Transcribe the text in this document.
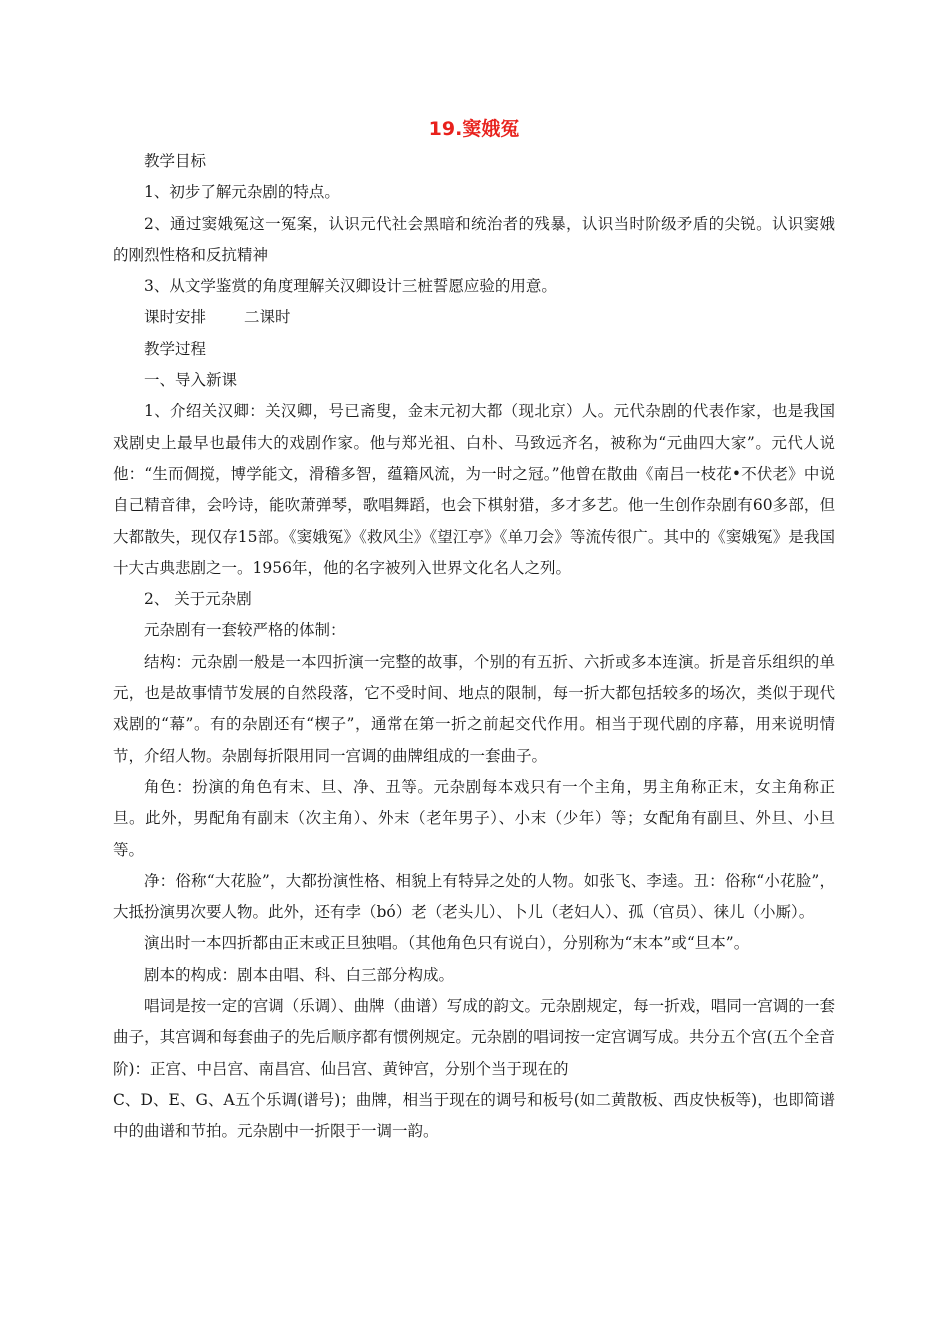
19.窦娥冤

教学目标

1、初步了解元杂剧的特点。

2、通过窦娥冤这一冤案，认识元代社会黑暗和统治者的残暴，认识当时阶级矛盾的尖锐。认识窦娥的刚烈性格和反抗精神

3、从文学鉴赏的角度理解关汉卿设计三桩誓愿应验的用意。

课时安排 二课时

教学过程

一、导入新课

1、介绍关汉卿：关汉卿，号已斋叟，金末元初大都（现北京）人。元代杂剧的代表作家，也是我国戏剧史上最早也最伟大的戏剧作家。他与郑光祖、白朴、马致远齐名，被称为“元曲四大家”。元代人说他：“生而倜搅，博学能文，滑稽多智，蕴籍风流，为一时之冠。”他曾在散曲《南吕一枝花•不伏老》中说自己精音律，会吟诗，能吹萧弹琴，歌唱舞蹈，也会下棋射猎，多才多艺。他一生创作杂剧有60多部，但大都散失，现仅存15部。《窦娥冤》《救风尘》《望江亭》《单刀会》等流传很广。其中的《窦娥冤》是我国十大古典悲剧之一。1956年，他的名字被列入世界文化名人之列。

2、 关于元杂剧

元杂剧有一套较严格的体制：

结构：元杂剧一般是一本四折演一完整的故事，个别的有五折、六折或多本连演。折是音乐组织的单元，也是故事情节发展的自然段落，它不受时间、地点的限制，每一折大都包括较多的场次，类似于现代戏剧的“幕”。有的杂剧还有“楔子”，通常在第一折之前起交代作用。相当于现代剧的序幕，用来说明情节，介绍人物。杂剧每折限用同一宫调的曲牌组成的一套曲子。

角色：扮演的角色有末、旦、净、丑等。元杂剧每本戏只有一个主角，男主角称正末，女主角称正旦。此外，男配角有副末（次主角）、外末（老年男子）、小末（少年）等；女配角有副旦、外旦、小旦等。

净：俗称“大花脸”，大都扮演性格、相貌上有特异之处的人物。如张飞、李逵。丑：俗称“小花脸”，大抵扮演男次要人物。此外，还有孛（bó）老（老头儿）、卜儿（老妇人）、孤（官员）、徕儿（小厮）。

演出时一本四折都由正末或正旦独唱。（其他角色只有说白），分别称为“末本”或“旦本”。

剧本的构成：剧本由唱、科、白三部分构成。

唱词是按一定的宫调（乐调）、曲牌（曲谱）写成的韵文。元杂剧规定，每一折戏，唱同一宫调的一套曲子，其宫调和每套曲子的先后顺序都有惯例规定。元杂剧的唱词按一定宫调写成。共分五个宫(五个全音阶)：正宫、中吕宫、南昌宫、仙吕宫、黄钟宫，分别个当于现在的

C、D、E、G、A五个乐调(谱号)；曲牌，相当于现在的调号和板号(如二黄散板、西皮快板等)，也即简谱中的曲谱和节拍。元杂剧中一折限于一调一韵。
